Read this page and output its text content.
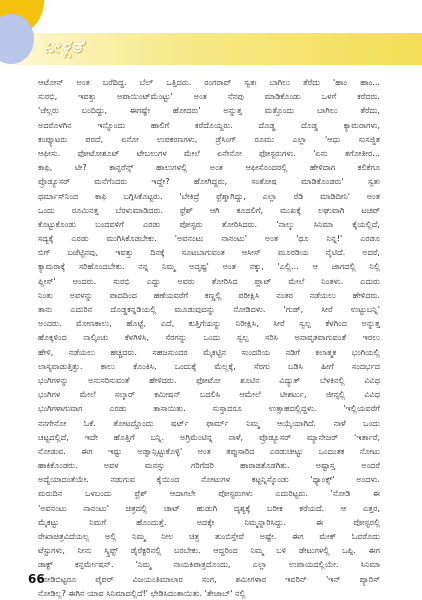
ನೀಳ್ಗತೆ
ಆಟೋನ್ ಅಂತ ಬರೆದಿದ್ದ. ಬೆಲ್ ಒತ್ತಿದರು. ರಂಗರಾವ್ ಸ್ವತಃ ಬಾಗಿಲು ತೆರೆದು 'ಹಾಂ ಹಾಂ...
ಸುರಭಿ, ಇವತ್ತು ಅಪಾಯಿಂಟ್‌ಮೆಂಟ್ಟು' ಅಂತ ನೆನಪು ಮಾಡಿಕೊಂಡು ಒಳಗೆ ಕರೆದರು.
'ಚೆಲ್ಲರು ಬಂದಿದ್ದು, ಈಗಷ್ಟೇ ಹೋದರು' ಅನ್ನುತ್ತ ಮತ್ತೊಂದು ಬಾಗಿಲು ತೆರೆದು,
ಅದರೊಳಗಿನ ಇನ್ನೊಂದು ಹಾಲಿಗೆ ಕರೆದೊಯ್ದರು. ದೊಡ್ಡ ದೊಡ್ಡ ಕ್ಯಾಮರಾಗಳು,
ಕಂಪ್ಯೂಟರು ಪರದೆ, ಏನೋ ಉಪಕರಣಗಳು, ಡ್ರೆಸಿಂಗ್ ರೂಮು ಎಲ್ಲಾ 'ಆಧು ಸುಸಜ್ಜಿತ
ಆಫೀಸು. ಫೋಟೋಶೂಟ್ ಟೇಬಲುಗಳ ಮೇಲೆ ಏನೇನೋ ಫೋಸ್ಟರುಗಳು. 'ಏನು ತಗೋತೀರ...
ಕಾಫಿ, ಟೀ? ಕಾನ್ಫರೆನ್ಸ್ ಹಾಲುಗಳಲ್ಲಿ ಅಂತ ಆಫೀಸೊಂದರಲ್ಲಿ ಹೇಳಿದಾಗ ಕಲಿಕೆಗೂ
ಪ್ರೊಡ್ಯೂಸರ್ ಮನೆಗೆಂದರು ಇದ್ದೇ? ಹೋಗಿದ್ದರು, ಸಂತೋಷ ಮಾಡಿಕೊಂಡರು' ಸ್ವತಃ
ಥರ್ಮಾಸ್‌ನಿಂದ ಕಾಫಿ ಬಗ್ಗಿಸಿಕೊಟ್ಟರು. 'ಬೇಕಿದ್ರೆ ಫ್ರೆಶ್ಶಾಗಿದ್ದು, ಎಲ್ಲಾ ರೆಡಿ ಮಾಡಿದೀನಿ' ಅಂತ
ಒಂದು ರೂಮಿನತ್ತ ಬೆರಳುಮಾಡಿದರು. ಫ್ರೆಶ್ ಆಗಿ ಕೂದಲಿಗೆ, ಮುಖಕ್ಕೆ ಲಘುವಾಗಿ ಟಚಪ್
ಕೊಟ್ಟುಕೊಂಡು ಬಂದವಳಿಗೆ ಎರಡು ಪೋಸ್ಟರು ತೋರಿಸಿದರು. 'ನಾಲ್ಕು ಸಿನಿಮಾ ಕೈಯಲ್ಲಿದೆ,
ಸದ್ಯಕ್ಕೆ ಎರಡು ಮುಗಿಸಿಕೊಡಬೇಕು. 'ಅವನಂಟು ನಾನಂಟು' ಅಂತ 'ಥೂ ನಿನ್ನ!' ಎರಡೂ
ಬಿಗ್ ಬಜೆಟ್ಟಿನವು, ಇವತ್ತು ದಿನಕ್ಕೆ ಸೂಟಬಾಗುವಂತ ಆಸೀಸ್ ಮೂರಡಿಯ ನೈಟಿದೆ. ಅದರೆ,
ಕ್ಯಾಮರಾಕ್ಕೆ ಸರಿಹೊಂದಬೇಕು. ನನ್ನ ನಿಮ್ಮ ಅದೃಷ್ಟ' ಅಂತ ನಕ್ಕು, 'ಎಲ್ಲಿ... ಆ ಜಾಗದಲ್ಲಿ ನಿಲ್ಲಿ
ಪ್ಲೀಸ್' ಅಂದರು. ಸುರಭಿ ಎದ್ದು ಅವರು ತೋರಿಸಿದ ಪ್ಲಾಟ್ ಮೇಲೆ ನಿಂತಳು. ಎದುರು
ನಿಂತು ಅವಳನ್ನು ಪಾದದಿಂದ ಹಣೆಯವರೆಗೆ ಕಣ್ಣಲ್ಲಿ ಪರೀಕ್ಷಿಸಿ ನಂತರ ನಡೆಯಲು ಹೇಳಿದರು.
ತಾನು ಎದುರಿನ ದೊಡ್ಡಕನ್ನಡಿಯಲ್ಲಿ ಮೂಡುವುದನ್ನು ನೋಡಿದಳು. 'ಗುಡ್, ಸೀರೆ ಉಟ್ಟುಬನ್ನಿ'
ಅಂದರು. ಮೋಣಕಾಲು, ಹೊಟ್ಟೆ, ಎದೆ, ಕುತ್ತಿಗೆಯನ್ನು ನಿರೀಕ್ಷಿಸಿ, ಸೀರೆ ಸ್ವಲ್ಪ ಕೆಳಗಿಂದ ಅನ್ನುತ್ತ
ಹೊಕ್ಕಳಿಂದ ನಾಲ್ಕಿಂಚು ಕೆಳಗಿಳಿಸಿ, ಸೆರಗನ್ನು ಒಂದು ಸ್ವಲ್ಪ ಸರಿಸಿ ಅನಾವೃತವಾಗುವಂತೆ ಇರಲು
ಹೇಳಿ, ನಡೆಯಲು ಹಚ್ಚಿದರು. ಸಹಜಸುಂದರ ಮೈಕಟ್ಟಿನ ಸುಂದರಿಯ ನಡಿಗೆ ಕಲಾತ್ಮಕ ಭಂಗಿಯಲ್ಲಿ
ಲಾಸ್ಯವಾಡುತ್ತಿತ್ತು. ಕಾಲು ಕೊಂಕಿಸಿ, ಒಂದುಕ್ಕೆ ಮೆಲ್ಲಕ್ಕೆ, ಸೆರಗು ಬಡಿಸಿ ಹೀಗೆ ಸಂದರ್ಭದ
ಭಂಗಿಗಳನ್ನು ಅನುಸರಿಸುವಂತೆ ಹೇಳಿದರು. ಫೋಟೋ ಶೂಟಿನ ವಿದ್ಯುತ್ ಬೆಳಕಿನಲ್ಲಿ ವಿವಿಧ
ಭಂಗಿಗಳ ಮೇಲೆ ಸಲ್ಕಾರ್ ಕಮೀಷನ್ ಬದಲಿಸಿ ಆಮೇಲೆ ಟೀಶರ್ಟು, ಜೀನ್ಸಲ್ಲಿ ವಿವಿಧ
ಭಂಗಿಗಳಾಗುವಾಗ ಎರಡು ತಾಸಾಯಿತು. ಸುಸ್ತಾದರೂ ಉತ್ಸಾಹದಲ್ಲಿದ್ದಳು. 'ಇಲ್ಲಿಯವರೆಗೆ
ನನಗೇನೋ ಓಕೆ. ತೋಟದ್ದೊಂದು ಷರ್ಟ್ ಫಾರ್ಮ್ ನಿಮ್ಮ ಆಯ್ಕೆಯಾಗಿದೆ. ನಾಳೆ ಒಂದು
ಚಟ್ಟದಲ್ಲಿದೆ, ಇದೇ ಹೊತ್ತಿಗೆ ಬನ್ನಿ. ಅಗ್ರಿಮೆಂಟಿನ್ನ ನಾಳೆ, ಪ್ರೊಡ್ಯೂಸರ್ ಮ್ಯಾನೇಜರ್ 'ಇರ್ತಾರೆ,
ನೋಡುವ. ಈಗ ಇಷ್ಟು ಅಡ್ವಾನ್ಸಿಟ್ಟುಕೊಳ್ಳಿ' ಅಂತ ತಪ್ಪುಸಾರಿದ ಎರಡುಚೀಟ್ಟು ಒಂದಂತಕ ನೋಟು
ಹಾಕಿಕೊಂಡರು. ಅವಳ ಮನಸ್ಸು ಗರಿಗೆದರಿ ಹಾರಾಡತೊಡಗಿತು. ಅಷ್ಟಾಸ್ತ ಅಂದರೆ
ಅದ್ಯೆಯಾದಂತೆಯೇ. ನಡುಗುವ ಕೈಯಿಂದ ನೋಟುಗಳ ಕಟ್ಟನ್ನಿಸ್ಕೊಂಡು 'ಥ್ಯಾಂಕ್ಸ್' ಅಂದಳು.
ಮರುದಿನ ಒಳಬಂದು ಫ್ರೆಶ್ ಆದಾಗಲೇ ಪೋಸ್ಟರುಗಳು ಎದುರಿಟ್ಟರು. 'ನೋಡಿ ಈ
'ಅವನಂಟು ನಾನಂಟು' ಚಿತ್ರದಲ್ಲಿ ಚಾಟ್ ಹುಡುಗಿ ದೃಶ್ಯಕ್ಕೆ ಬರೀಕ ಕರೆಯದೆ. ಆ ಎತ್ತರ,
ಮೈಕಟ್ಟು ನಿಮಗೆ ಹೊಂದುತ್ತೆ. ಅದಕ್ಕೇ ನಿಮ್ಮನ್ನಾರಿಸಿದ್ದು. ಈ ಪೋಸ್ಟರಲ್ಲಿ
ರೇಖಾಚಿತ್ರವಿದೆಯಲ್ಲ ಅಲ್ಲಿ ನಿಮ್ಮ ನೀಲ ಚಿತ್ರ ತುಂಬಿಸ್ತೇವೆ ಅಷ್ಟೇ. ಈಗ ಮೇಕ್ ಓವರೊದು
ಟೆಸ್ಟುಗಳು, ನೀನು ಸ್ಕ್ರಿಪ್ಟ್ ಡೈರೆಕ್ಟರಿನಲ್ಲಿ ಬರಬೇಕು. ಆದ್ದರಿಂದ ನಿಮ್ಮ ಬಳಿ ಡೇಟುಗಳಲ್ಲಿ ಒಪ್ಪಿ. ಈಗ
ಡಾಕ್ಟ್ ಕನ್ಫರ್ಮೇಷನ್. 'ನಿಮ್ಮ ನಾಯಕಿಪಾತ್ರದೊಂದು, ಎಲ್ಲಾ ಉಪಾಯದಲ್ಲಿಯೇ. ಸಿನಿಮಾ
ನೋಡಿಬಿಟ್ಟರೂ ಪೈಪರ್ ವಿಜಯಂತಿಮಾಲಾರ ಸಂಗ, ಶಮೀಗಳಾರ ಇವರಿನ್ 'ಇನ್ ಪ್ಯಾರಿಸ್
ನೋಡಿಲ್ಲ? ಈಗಿನ ಯಾವ ಸಿನಿಮಾದಲ್ಲಿದೆ!' ಛೇಡಿಸಿದಂತಾಯಿತು. 'ತೇಜಾಬ್' ನಲ್ಲಿ
66
